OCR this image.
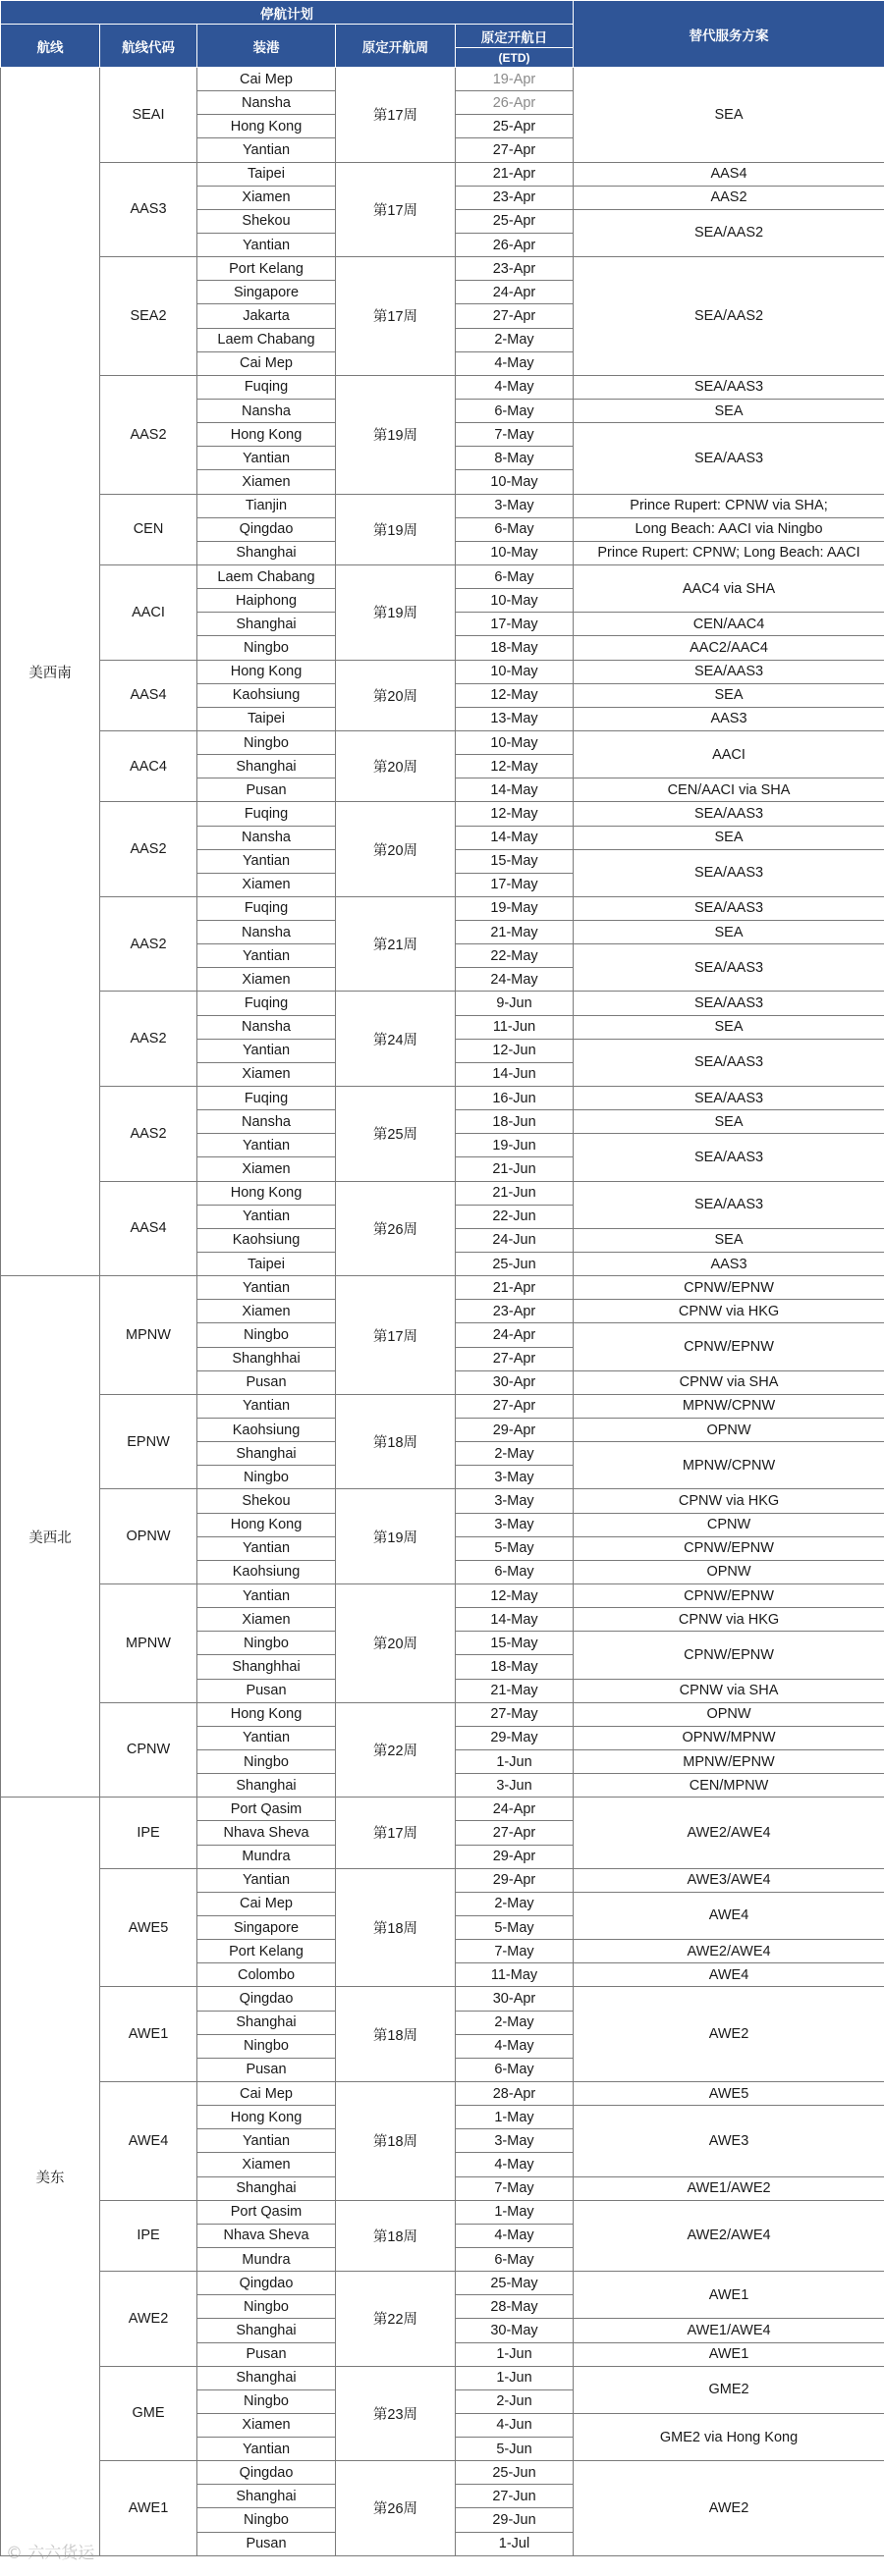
停航计划					替代服务方案
航线	航线代码	装港	原定开航周	原定开航日	
				(ETD)	
美西南	SEAI	Cai Mep	第17周	19-Apr	SEA
		Nansha		26-Apr	
		Hong Kong		25-Apr	
		Yantian		27-Apr	
	AAS3	Taipei	第17周	21-Apr	AAS4
		Xiamen		23-Apr	AAS2
		Shekou		25-Apr	SEA/AAS2
		Yantian		26-Apr	
	SEA2	Port Kelang	第17周	23-Apr	SEA/AAS2
		Singapore		24-Apr	
		Jakarta		27-Apr	
		Laem Chabang		2-May	
		Cai Mep		4-May	
	AAS2	Fuqing	第19周	4-May	SEA/AAS3
		Nansha		6-May	SEA
		Hong Kong		7-May	SEA/AAS3
		Yantian		8-May	
		Xiamen		10-May	
	CEN	Tianjin	第19周	3-May	Prince Rupert: CPNW via SHA;
		Qingdao		6-May	Long Beach: AACI via Ningbo
		Shanghai		10-May	Prince Rupert: CPNW; Long Beach: AACI
	AACI	Laem Chabang	第19周	6-May	AAC4 via SHA
		Haiphong		10-May	
		Shanghai		17-May	CEN/AAC4
		Ningbo		18-May	AAC2/AAC4
	AAS4	Hong Kong	第20周	10-May	SEA/AAS3
		Kaohsiung		12-May	SEA
		Taipei		13-May	AAS3
	AAC4	Ningbo	第20周	10-May	AACI
		Shanghai		12-May	
		Pusan		14-May	CEN/AACI via SHA
	AAS2	Fuqing	第20周	12-May	SEA/AAS3
		Nansha		14-May	SEA
		Yantian		15-May	SEA/AAS3
		Xiamen		17-May	
	AAS2	Fuqing	第21周	19-May	SEA/AAS3
		Nansha		21-May	SEA
		Yantian		22-May	SEA/AAS3
		Xiamen		24-May	
	AAS2	Fuqing	第24周	9-Jun	SEA/AAS3
		Nansha		11-Jun	SEA
		Yantian		12-Jun	SEA/AAS3
		Xiamen		14-Jun	
	AAS2	Fuqing	第25周	16-Jun	SEA/AAS3
		Nansha		18-Jun	SEA
		Yantian		19-Jun	SEA/AAS3
		Xiamen		21-Jun	
	AAS4	Hong Kong	第26周	21-Jun	SEA/AAS3
		Yantian		22-Jun	
		Kaohsiung		24-Jun	SEA
		Taipei		25-Jun	AAS3
美西北	MPNW	Yantian	第17周	21-Apr	CPNW/EPNW
		Xiamen		23-Apr	CPNW via HKG
		Ningbo		24-Apr	CPNW/EPNW
		Shanghhai		27-Apr	
		Pusan		30-Apr	CPNW via SHA
	EPNW	Yantian	第18周	27-Apr	MPNW/CPNW
		Kaohsiung		29-Apr	OPNW
		Shanghai		2-May	MPNW/CPNW
		Ningbo		3-May	
	OPNW	Shekou	第19周	3-May	CPNW via HKG
		Hong Kong		3-May	CPNW
		Yantian		5-May	CPNW/EPNW
		Kaohsiung		6-May	OPNW
	MPNW	Yantian	第20周	12-May	CPNW/EPNW
		Xiamen		14-May	CPNW via HKG
		Ningbo		15-May	CPNW/EPNW
		Shanghhai		18-May	
		Pusan		21-May	CPNW via SHA
	CPNW	Hong Kong	第22周	27-May	OPNW
		Yantian		29-May	OPNW/MPNW
		Ningbo		1-Jun	MPNW/EPNW
		Shanghai		3-Jun	CEN/MPNW
美东	IPE	Port Qasim	第17周	24-Apr	AWE2/AWE4
		Nhava Sheva		27-Apr	
		Mundra		29-Apr	
	AWE5	Yantian	第18周	29-Apr	AWE3/AWE4
		Cai Mep		2-May	AWE4
		Singapore		5-May	
		Port Kelang		7-May	AWE2/AWE4
		Colombo		11-May	AWE4
	AWE1	Qingdao	第18周	30-Apr	AWE2
		Shanghai		2-May	
		Ningbo		4-May	
		Pusan		6-May	
	AWE4	Cai Mep	第18周	28-Apr	AWE5
		Hong Kong		1-May	AWE3
		Yantian		3-May	
		Xiamen		4-May	
		Shanghai		7-May	AWE1/AWE2
	IPE	Port Qasim	第18周	1-May	AWE2/AWE4
		Nhava Sheva		4-May	
		Mundra		6-May	
	AWE2	Qingdao	第22周	25-May	AWE1
		Ningbo		28-May	
		Shanghai		30-May	AWE1/AWE4
		Pusan		1-Jun	AWE1
	GME	Shanghai	第23周	1-Jun	GME2
		Ningbo		2-Jun	
		Xiamen		4-Jun	GME2 via Hong Kong
		Yantian		5-Jun	
	AWE1	Qingdao	第26周	25-Jun	AWE2
		Shanghai		27-Jun	
		Ningbo		29-Jun	
		Pusan		1-Jul	
© 六六货运
